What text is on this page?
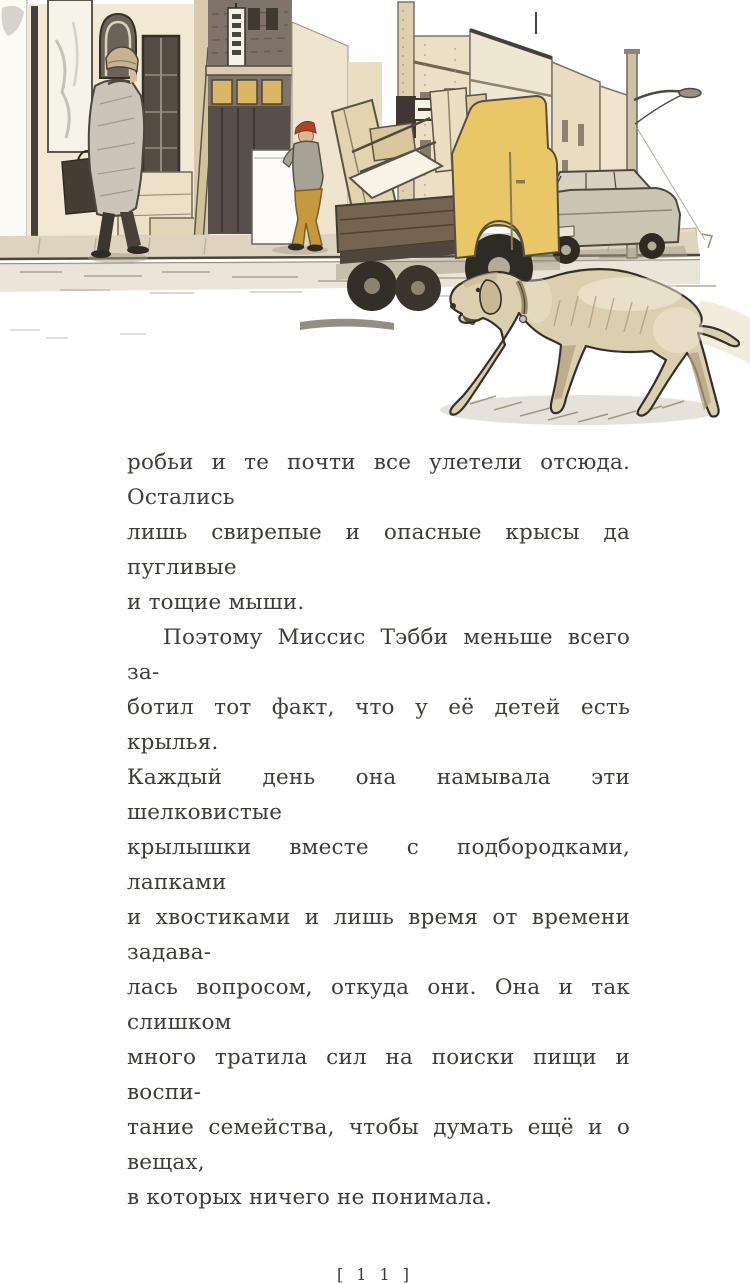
робьи и те почти все улетели отсюда. Остались

лишь свирепые и опасные крысы да пугливые

и тощие мыши.

Поэтому Миссис Тэбби меньше всего за-

ботил тот факт, что у её детей есть крылья.

Каждый день она намывала эти шелковистые

крылышки вместе с подбородками, лапками

и хвостиками и лишь время от времени задава-

лась вопросом, откуда они. Она и так слишком

много тратила сил на поиски пищи и воспи-

тание семейства, чтобы думать ещё и о вещах,

в которых ничего не понимала.

[ 1 1 ]
